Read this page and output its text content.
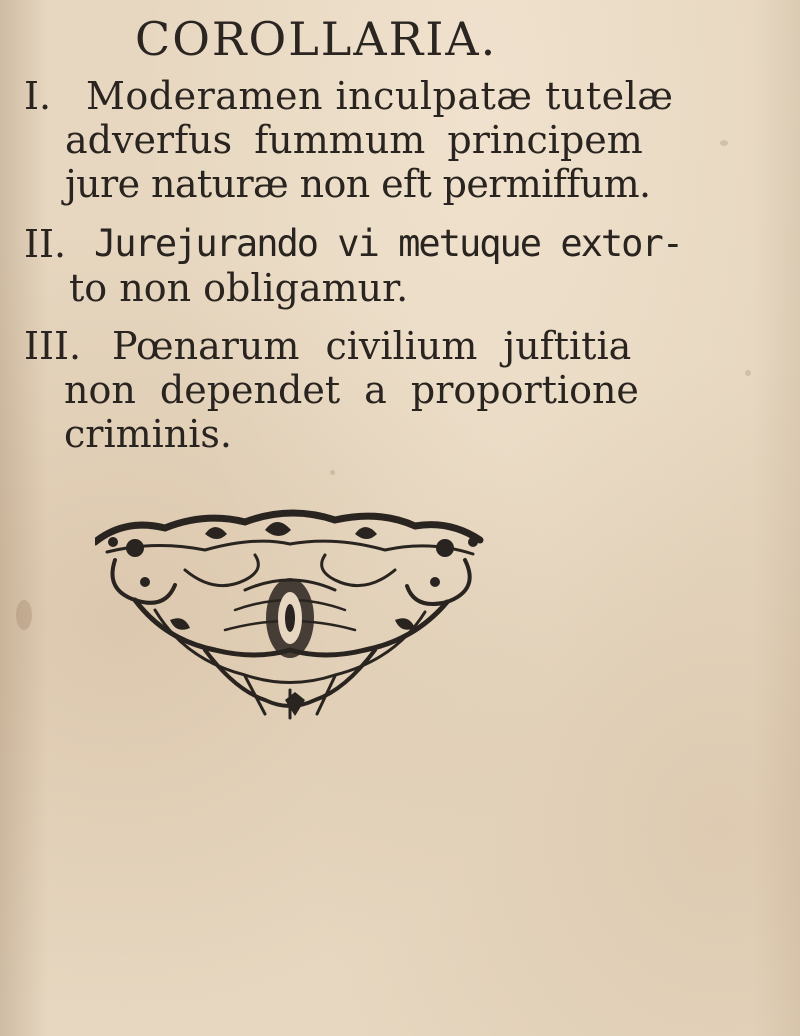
COROLLARIA.
I. Moderamen inculpatæ tutelæ
adverfus fummum principem
jure naturæ non eft permiffum.
II. Jurejurando vi metuque extor-
to non obligamur.
III. Pœnarum civilium juftitia
non dependet a proportione
criminis.
